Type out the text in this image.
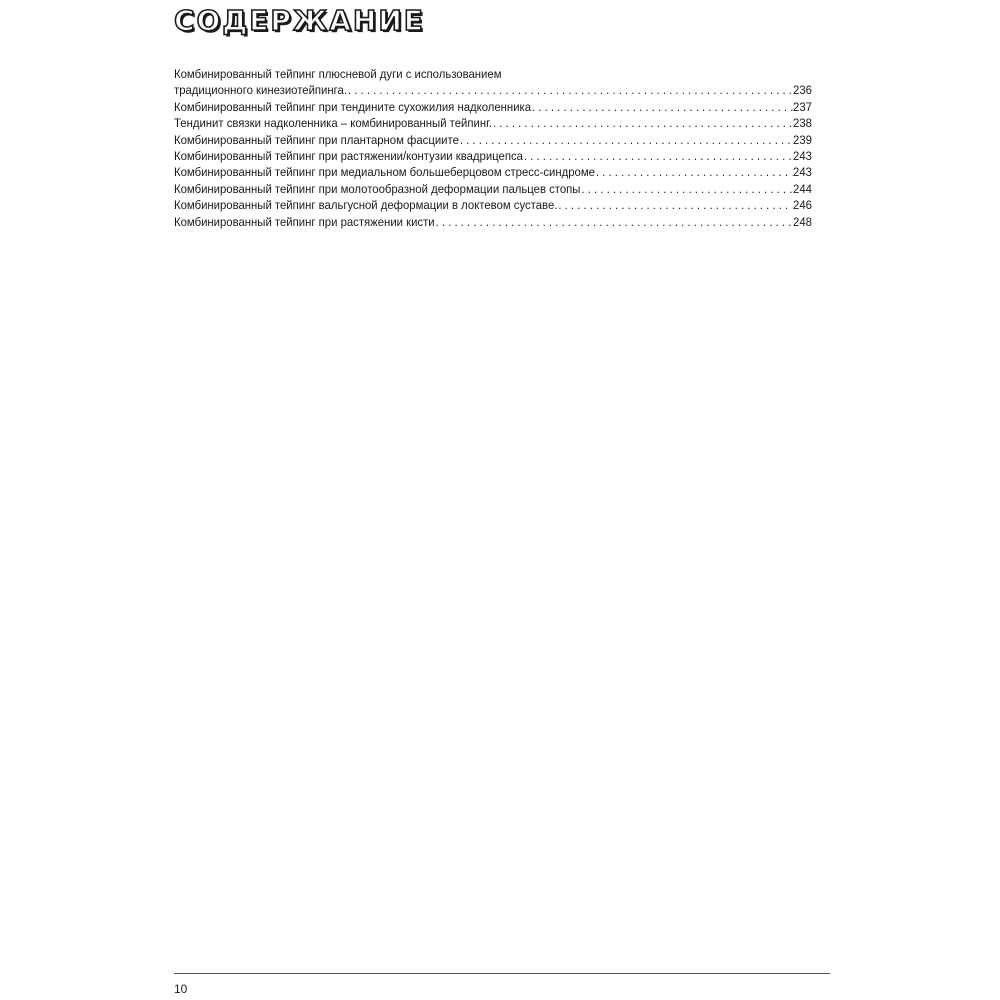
СОДЕРЖАНИЕ
Комбинированный тейпинг плюсневой дуги с использованием
традиционного кинезиотейпинга. . . .	236
Комбинированный тейпинг при тендините сухожилия надколенника . . .	237
Тендинит связки надколенника – комбинированный тейпинг. . . .	238
Комбинированный тейпинг при плантарном фасциите . . .	239
Комбинированный тейпинг при растяжении/контузии квадрицепса . . .	243
Комбинированный тейпинг при медиальном большеберцовом стресс-синдроме . . .	243
Комбинированный тейпинг при молотообразной деформации пальцев стопы . . .	244
Комбинированный тейпинг вальгусной деформации в локтевом суставе. . . .	246
Комбинированный тейпинг при растяжении кисти . . .	248
10
